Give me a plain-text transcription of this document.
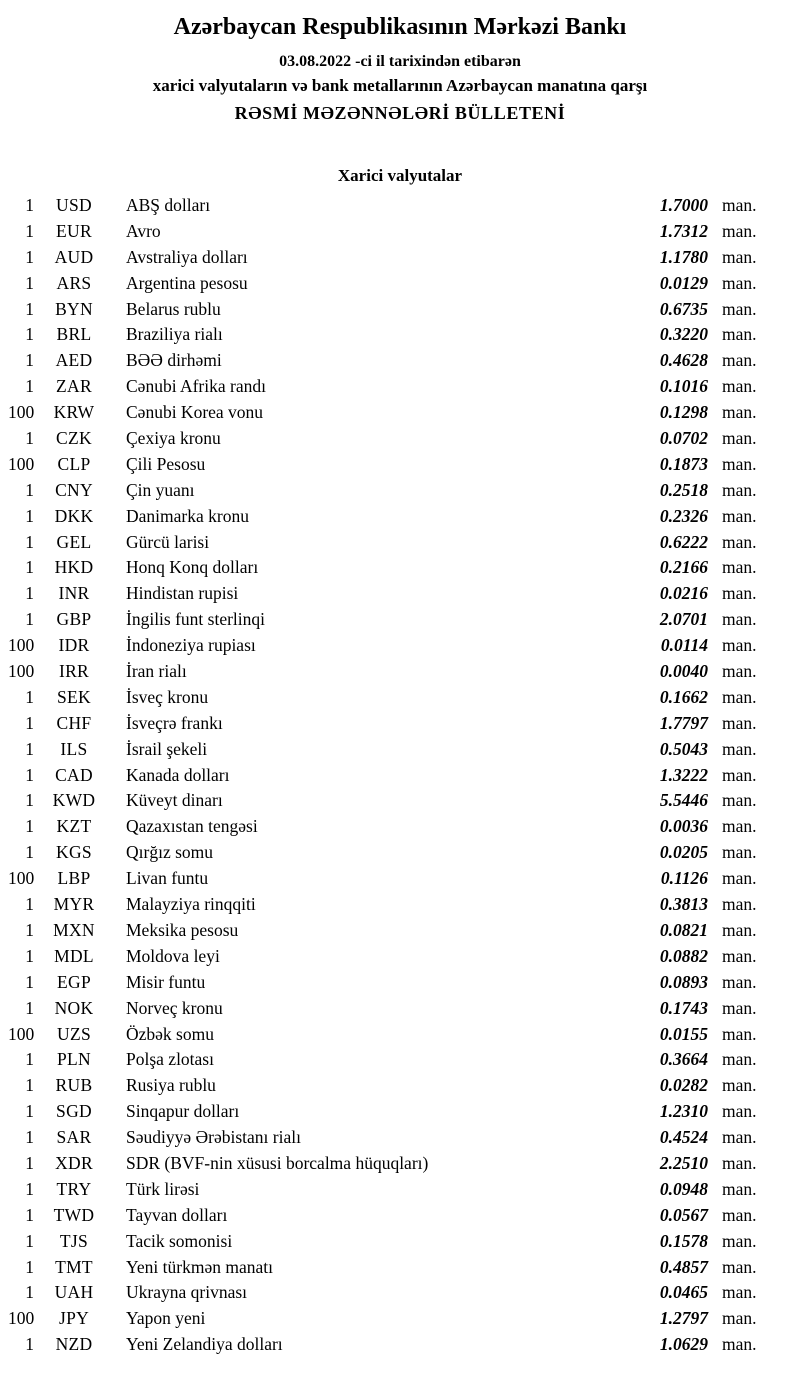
Azərbaycan Respublikasının Mərkəzi Bankı
03.08.2022 -ci il tarixindən etibarən
xarici valyutaların və bank metallarının Azərbaycan manatına qarşı
RƏSMİ MƏZƏNNƏLƏRİ BÜLLETENİ
Xarici valyutalar
1	USD	ABŞ dolları	1.7000 man.
1	EUR	Avro	1.7312 man.
1	AUD	Avstraliya dolları	1.1780 man.
1	ARS	Argentina pesosu	0.0129 man.
1	BYN	Belarus rublu	0.6735 man.
1	BRL	Braziliya rialı	0.3220 man.
1	AED	BƏƏ dirhəmi	0.4628 man.
1	ZAR	Cənubi Afrika randı	0.1016 man.
100	KRW	Cənubi Korea vonu	0.1298 man.
1	CZK	Çexiya kronu	0.0702 man.
100	CLP	Çili Pesosu	0.1873 man.
1	CNY	Çin yuanı	0.2518 man.
1	DKK	Danimarka kronu	0.2326 man.
1	GEL	Gürcü larisi	0.6222 man.
1	HKD	Honq Konq dolları	0.2166 man.
1	INR	Hindistan rupisi	0.0216 man.
1	GBP	İngilis funt sterlinqi	2.0701 man.
100	IDR	İndoneziya rupiası	0.0114 man.
100	IRR	İran rialı	0.0040 man.
1	SEK	İsveç kronu	0.1662 man.
1	CHF	İsveçrə frankı	1.7797 man.
1	ILS	İsrail şekeli	0.5043 man.
1	CAD	Kanada dolları	1.3222 man.
1	KWD	Küveyt dinarı	5.5446 man.
1	KZT	Qazaxıstan tengəsi	0.0036 man.
1	KGS	Qırğız somu	0.0205 man.
100	LBP	Livan funtu	0.1126 man.
1	MYR	Malayziya rinqqiti	0.3813 man.
1	MXN	Meksika pesosu	0.0821 man.
1	MDL	Moldova leyi	0.0882 man.
1	EGP	Misir funtu	0.0893 man.
1	NOK	Norveç kronu	0.1743 man.
100	UZS	Özbək somu	0.0155 man.
1	PLN	Polşa zlotası	0.3664 man.
1	RUB	Rusiya rublu	0.0282 man.
1	SGD	Sinqapur dolları	1.2310 man.
1	SAR	Səudiyyə Ərəbistanı rialı	0.4524 man.
1	XDR	SDR (BVF-nin xüsusi borcalma hüquqları)	2.2510 man.
1	TRY	Türk lirəsi	0.0948 man.
1	TWD	Tayvan dolları	0.0567 man.
1	TJS	Tacik somonisi	0.1578 man.
1	TMT	Yeni türkmən manatı	0.4857 man.
1	UAH	Ukrayna qrivnası	0.0465 man.
100	JPY	Yapon yeni	1.2797 man.
1	NZD	Yeni Zelandiya dolları	1.0629 man.
